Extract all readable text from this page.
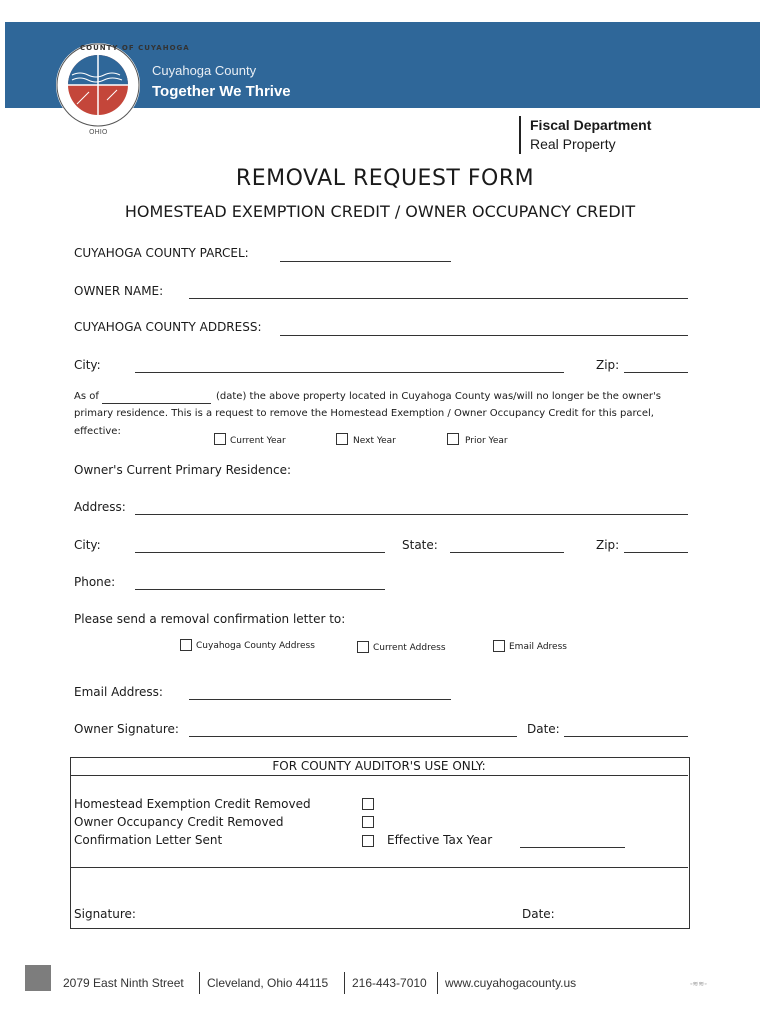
COUNTY OF CUYAHOGA
OHIO
Cuyahoga County
Together We Thrive
Fiscal Department
Real Property
REMOVAL REQUEST FORM
HOMESTEAD EXEMPTION CREDIT / OWNER OCCUPANCY CREDIT
CUYAHOGA COUNTY PARCEL:
OWNER NAME:
CUYAHOGA COUNTY ADDRESS:
City:	Zip:
As of	(date) the above property located in Cuyahoga County was/will no longer be the owner's
primary residence. This is a request to remove the Homestead Exemption / Owner Occupancy Credit for this parcel,
effective:
Current Year	Next Year	Prior Year
Owner's Current Primary Residence:
Address:
City:	State:	Zip:
Phone:
Please send a removal confirmation letter to:
Cuyahoga County Address	Current Address	Email Adress
Email Address:
Owner Signature:	Date:
FOR COUNTY AUDITOR'S USE ONLY:
Homestead Exemption Credit Removed
Owner Occupancy Credit Removed
Confirmation Letter Sent	Effective Tax Year
Signature:	Date:
2079 East Ninth Street Cleveland, Ohio 44115 216-443-7010 www.cuyahogacounty.us	◦≋≋◦
